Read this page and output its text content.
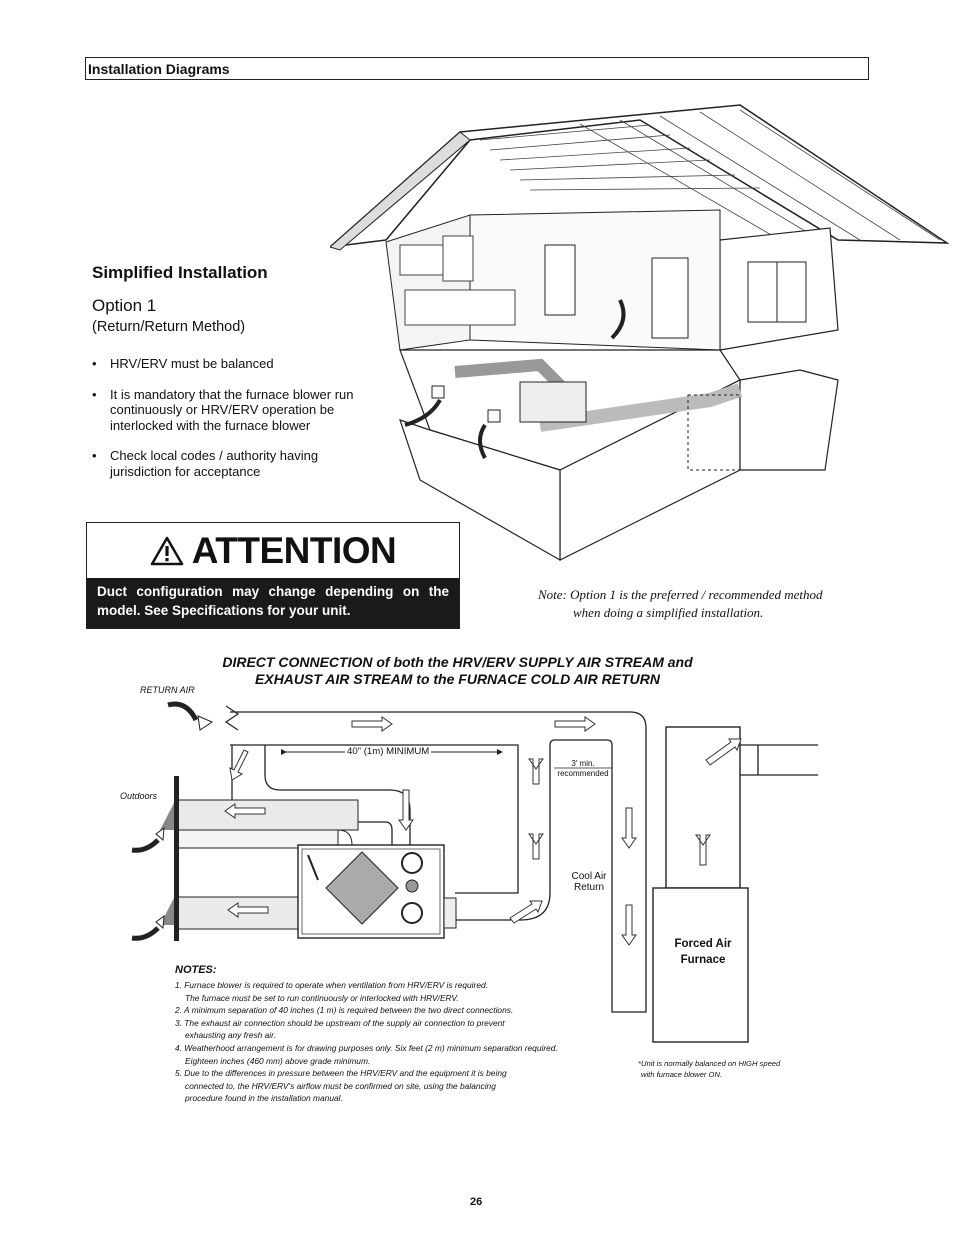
Installation Diagrams
Simplified Installation
Option 1
(Return/Return Method)
• HRV/ERV must be balanced
• It is mandatory that the furnace blower run continuously or HRV/ERV operation be interlocked with the furnace blower
• Check local codes / authority having jurisdiction for acceptance
ATTENTION
Duct configuration may change depending on the model. See Specifications for your unit.
Note: Option 1 is the preferred / recommended method
when doing a simplified installation.
DIRECT CONNECTION of both the HRV/ERV SUPPLY AIR STREAM and
EXHAUST AIR STREAM to the FURNACE COLD AIR RETURN
RETURN AIR
Outdoors
40" (1m) MINIMUM
3' min.
recommended
Cool Air
Return
Forced Air
Furnace
NOTES:
1. Furnace blower is required to operate when ventilation from HRV/ERV is required.
The furnace must be set to run continuously or interlocked with HRV/ERV.
2. A minimum separation of 40 inches (1 m) is required between the two direct connections.
3. The exhaust air connection should be upstream of the supply air connection to prevent
exhausting any fresh air.
4. Weatherhood arrangement is for drawing purposes only. Six feet (2 m) minimum separation required.
Eighteen inches (460 mm) above grade minimum.
5. Due to the differences in pressure between the HRV/ERV and the equipment it is being
connected to, the HRV/ERV's airflow must be confirmed on site, using the balancing
procedure found in the installation manual.
*Unit is normally balanced on HIGH speed
with furnace blower ON.
26
